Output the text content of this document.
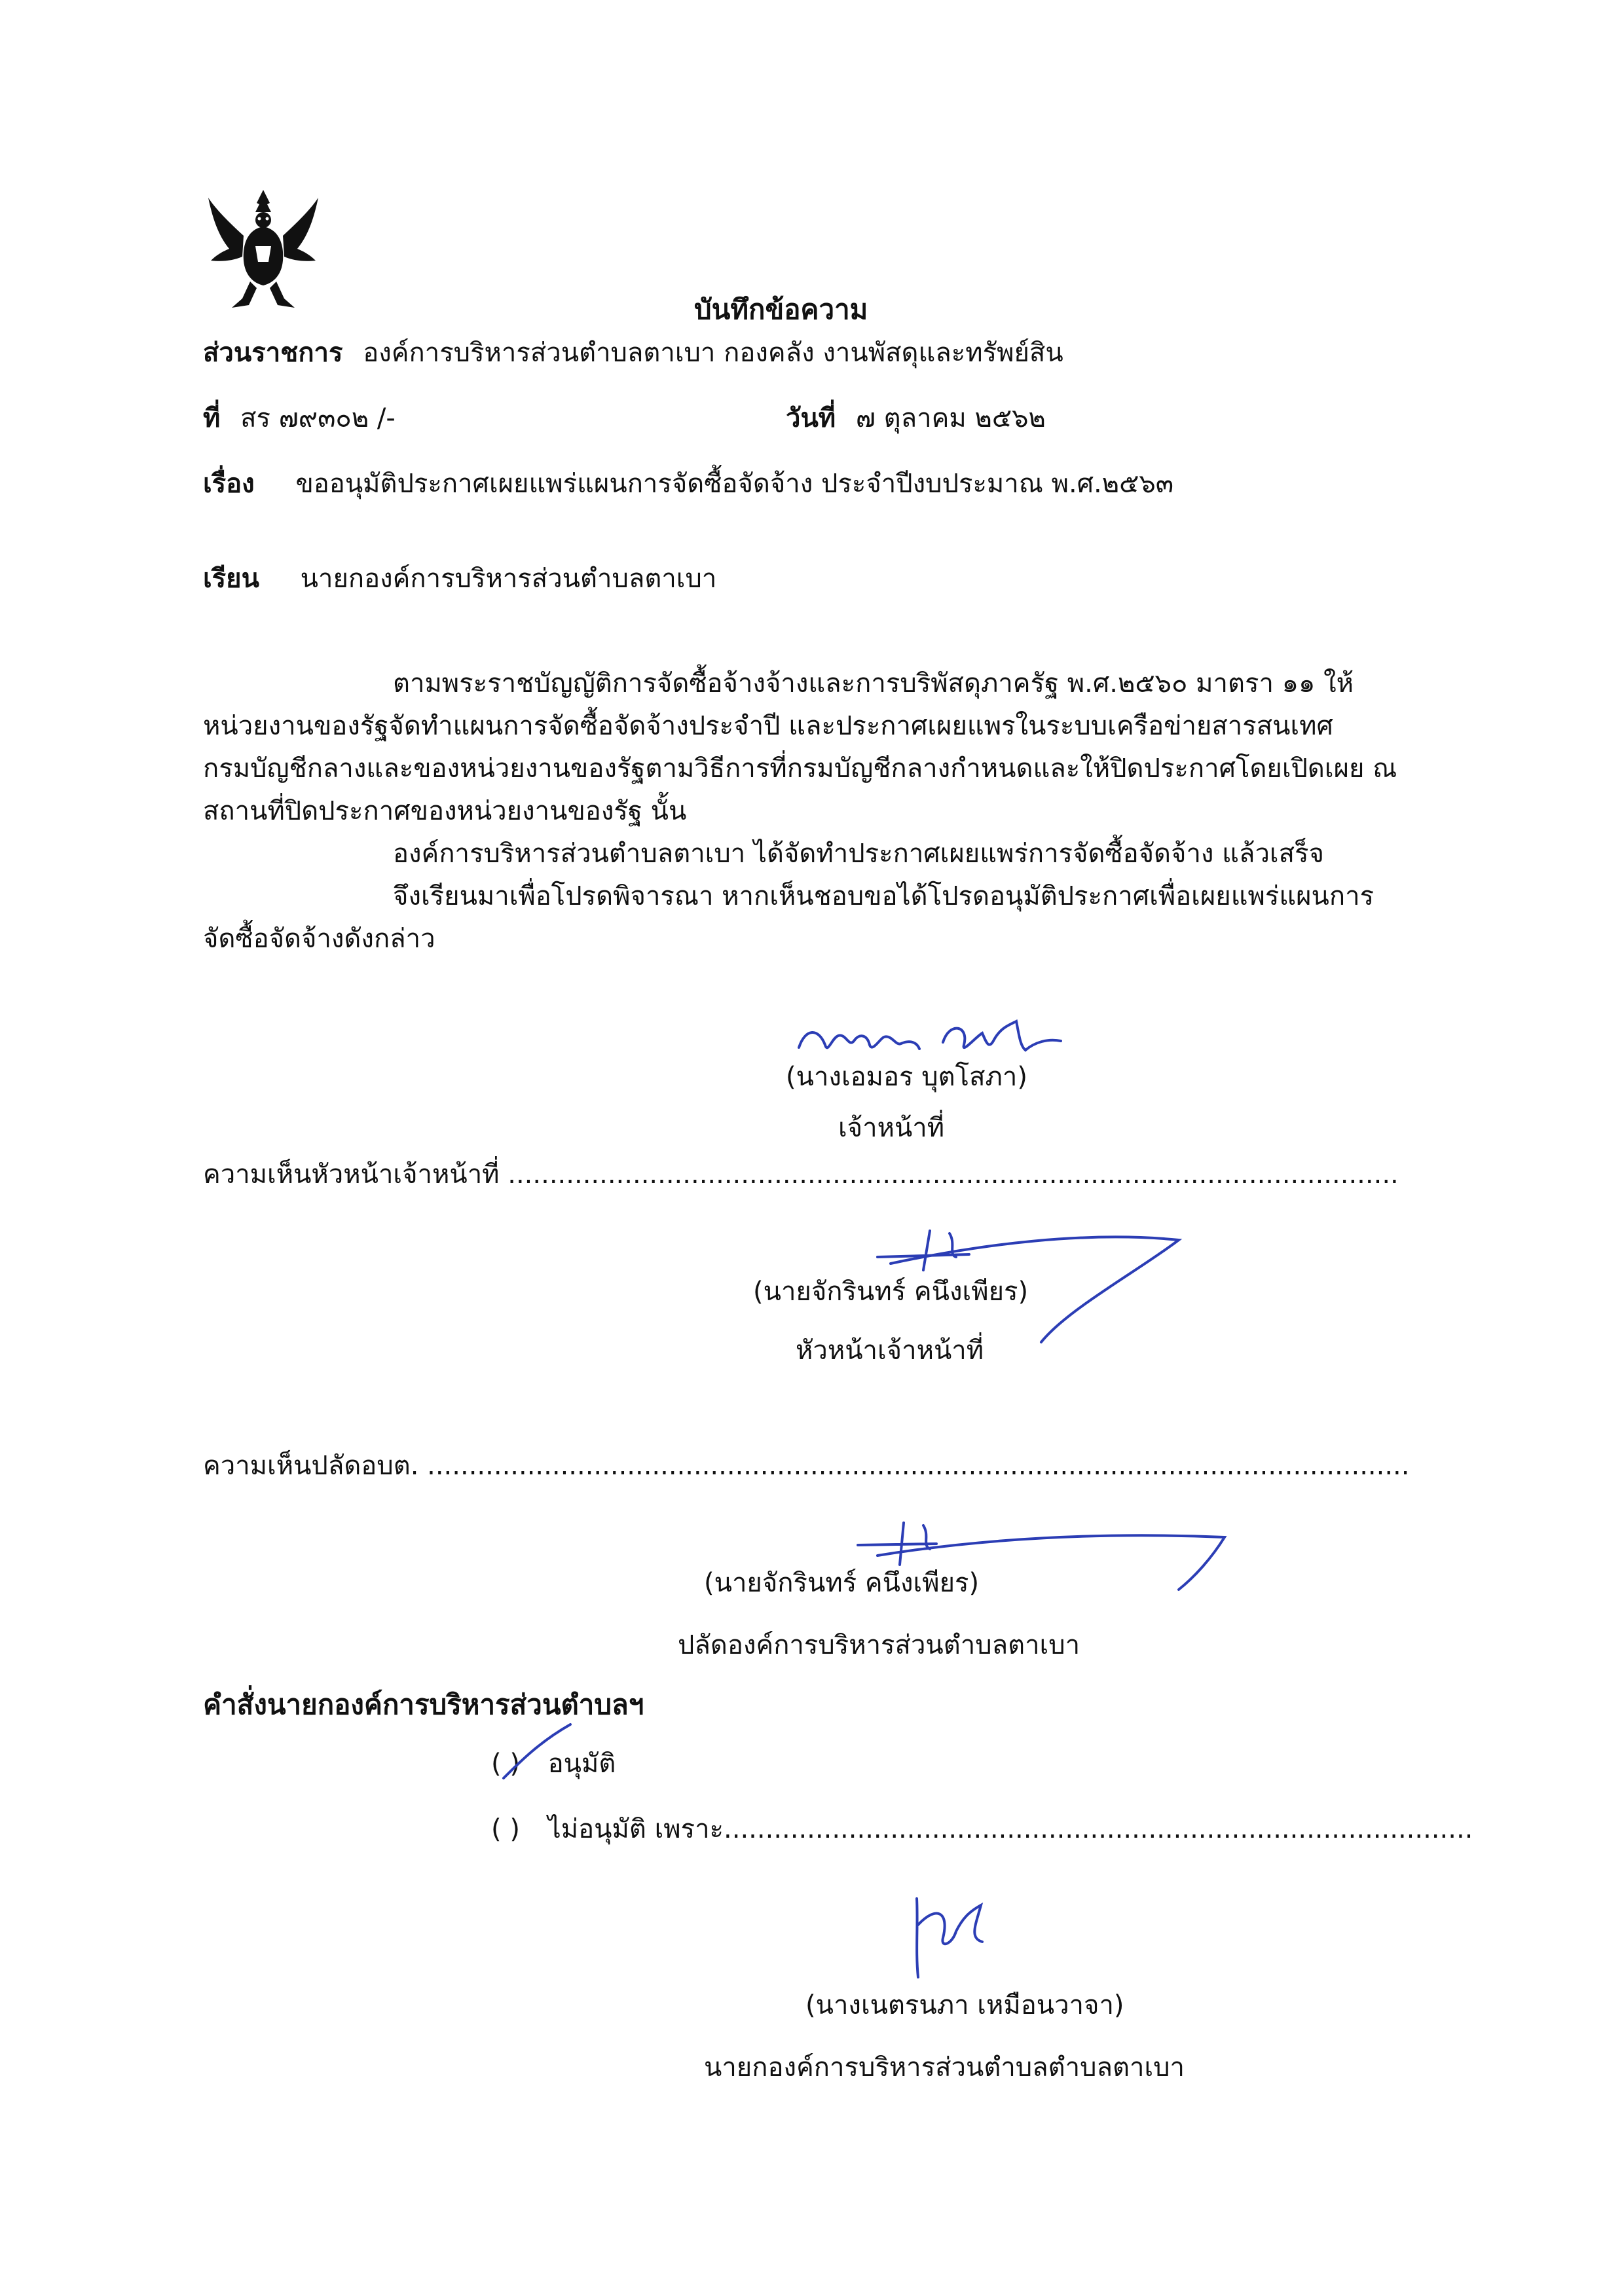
บันทึกข้อความ
ส่วนราชการ องค์การบริหารส่วนตำบลตาเบา กองคลัง งานพัสดุและทรัพย์สิน
ที่ สร ๗๙๓๐๒ /-	วันที่ ๗ ตุลาคม ๒๕๖๒
เรื่อง ขออนุมัติประกาศเผยแพร่แผนการจัดซื้อจัดจ้าง ประจำปีงบประมาณ พ.ศ.๒๕๖๓
เรียน นายกองค์การบริหารส่วนตำบลตาเบา
ตามพระราชบัญญัติการจัดซื้อจ้างจ้างและการบริพัสดุภาครัฐ พ.ศ.๒๕๖๐ มาตรา ๑๑ ให้
หน่วยงานของรัฐจัดทำแผนการจัดซื้อจัดจ้างประจำปี และประกาศเผยแพรในระบบเครือข่ายสารสนเทศ
กรมบัญชีกลางและของหน่วยงานของรัฐตามวิธีการที่กรมบัญชีกลางกำหนดและให้ปิดประกาศโดยเปิดเผย ณ
สถานที่ปิดประกาศของหน่วยงานของรัฐ นั้น
องค์การบริหารส่วนตำบลตาเบา ได้จัดทำประกาศเผยแพร่การจัดซื้อจัดจ้าง แล้วเสร็จ
จึงเรียนมาเพื่อโปรดพิจารณา หากเห็นชอบขอได้โปรดอนุมัติประกาศเพื่อเผยแพร่แผนการ
จัดซื้อจัดจ้างดังกล่าว
(นางเอมอร บุตโสภา)
เจ้าหน้าที่
ความเห็นหัวหน้าเจ้าหน้าที่ ...........................................................................................................
(นายจักรินทร์ คนึงเพียร)
หัวหน้าเจ้าหน้าที่
ความเห็นปลัดอบต. ......................................................................................................................
(นายจักรินทร์ คนึงเพียร)
ปลัดองค์การบริหารส่วนตำบลตาเบา
คำสั่งนายกองค์การบริหารส่วนตำบลฯ
( ) อนุมัติ
( ) ไม่อนุมัติ เพราะ..........................................................................................
(นางเนตรนภา เหมือนวาจา)
นายกองค์การบริหารส่วนตำบลตำบลตาเบา
